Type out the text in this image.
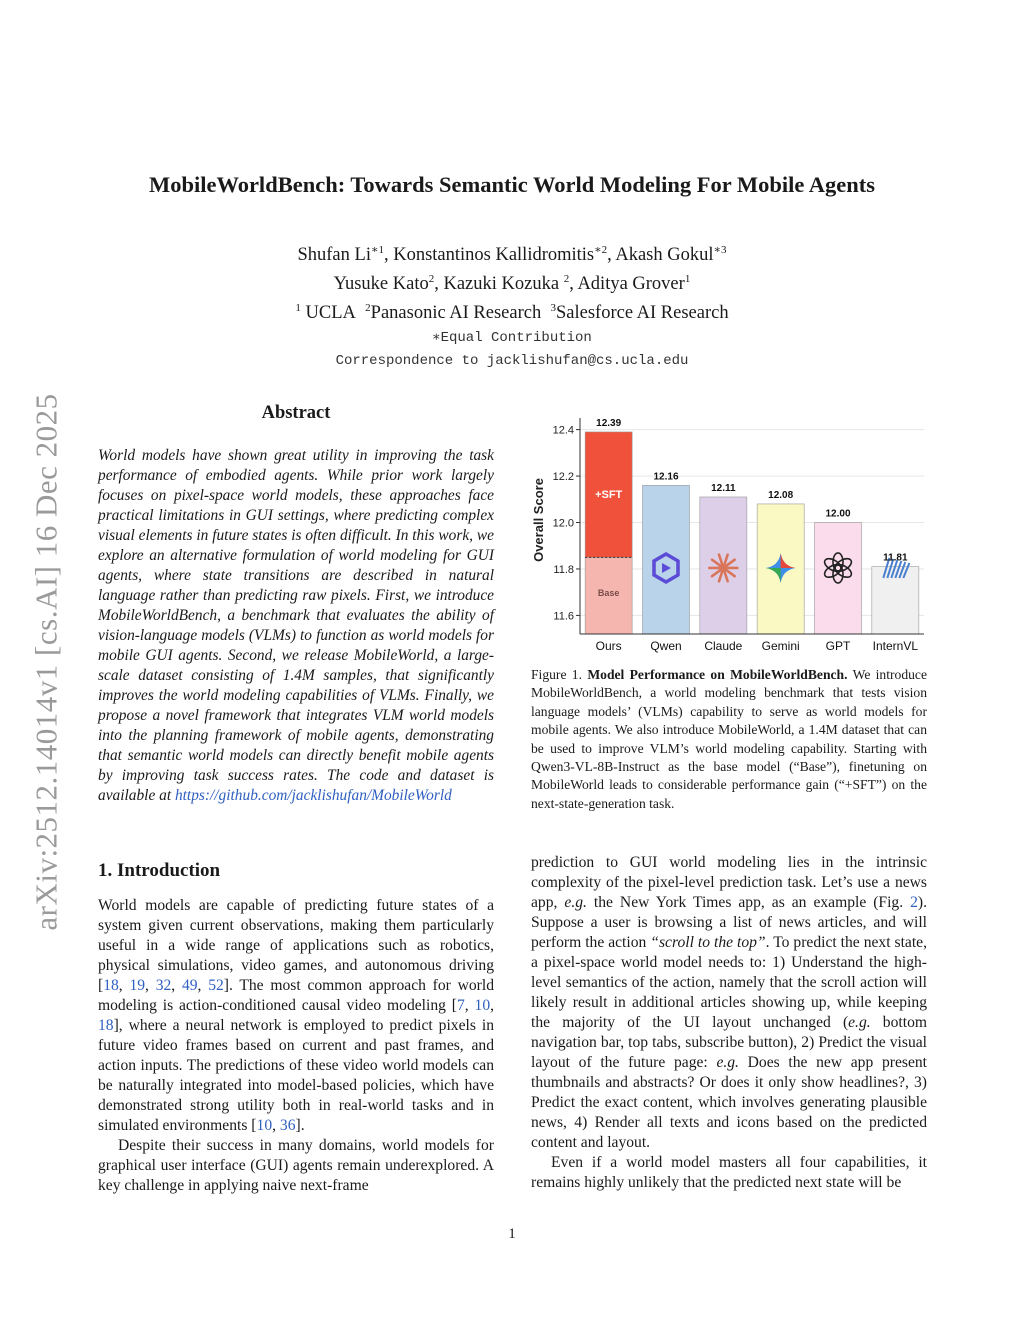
arXiv:2512.14014v1 [cs.AI] 16 Dec 2025
MobileWorldBench: Towards Semantic World Modeling For Mobile Agents
Shufan $Li^{∗1}$, Konstantinos Kallidromitis$^{∗2}$, Akash Gokul$^{∗3}$
Yusuke Kato$^2$, Kazuki Kozuka $^2$, Aditya Grover$^1$
$^1$ UCLA $^2$Panasonic AI Research $^3$Salesforce AI Research
∗Equal Contribution
Correspondence to jacklishufan@cs.ucla.edu
Abstract

World models have shown great utility in improving the task performance of embodied agents. While prior work largely focuses on pixel-space world models, these approaches face practical limitations in GUI settings, where predicting complex visual elements in future states is often difficult. In this work, we explore an alternative formulation of world modeling for GUI agents, where state transitions are described in natural language rather than predicting raw pixels. First, we introduce MobileWorldBench, a benchmark that evaluates the ability of vision-language models (VLMs) to function as world models for mobile GUI agents. Second, we release MobileWorld, a large-scale dataset consisting of 1.4M samples, that significantly improves the world modeling capabilities of VLMs. Finally, we propose a novel framework that integrates VLM world models into the planning framework of mobile agents, demonstrating that semantic world models can directly benefit mobile agents by improving task success rates. The code and dataset is available at https://github.com/jacklishufan/MobileWorld

11.6
11.8
12.0
12.2
12.4
Overall Score	+SFT
Base
12.39
12.16
12.11
12.08
12.00
11.81
Ours Qwen Claude Gemini GPT InternVL

Figure 1. Model Performance on MobileWorldBench. We introduce MobileWorldBench, a world modeling benchmark that tests vision language models’ (VLMs) capability to serve as world models for mobile agents. We also introduce MobileWorld, a 1.4M dataset that can be used to improve VLM’s world modeling capability. Starting with Qwen3-VL-8B-Instruct as the base model (“Base”), finetuning on MobileWorld leads to considerable performance gain (“+SFT”) on the next-state-generation task.

1. Introduction

World models are capable of predicting future states of a system given current observations, making them particularly useful in a wide range of applications such as robotics, physical simulations, video games, and autonomous driving [18, 19, 32, 49, 52]. The most common approach for world modeling is action-conditioned causal video modeling [7, 10, 18], where a neural network is employed to predict pixels in future video frames based on current and past frames, and action inputs. The predictions of these video world models can be naturally integrated into model-based policies, which have demonstrated strong utility both in real-world tasks and in simulated environments [10, 36].

Despite their success in many domains, world models for graphical user interface (GUI) agents remain underexplored. A key challenge in applying naive next-frame

prediction to GUI world modeling lies in the intrinsic complexity of the pixel-level prediction task. Let’s use a news app, e.g. the New York Times app, as an example (Fig. 2). Suppose a user is browsing a list of news articles, and will perform the action “scroll to the top”. To predict the next state, a pixel-space world model needs to: 1) Understand the high-level semantics of the action, namely that the scroll action will likely result in additional articles showing up, while keeping the majority of the UI layout unchanged (e.g. bottom navigation bar, top tabs, subscribe button), 2) Predict the visual layout of the future page: e.g. Does the new app present thumbnails and abstracts? Or does it only show headlines?, 3) Predict the exact content, which involves generating plausible news, 4) Render all texts and icons based on the predicted content and layout.

Even if a world model masters all four capabilities, it remains highly unlikely that the predicted next state will be

1
